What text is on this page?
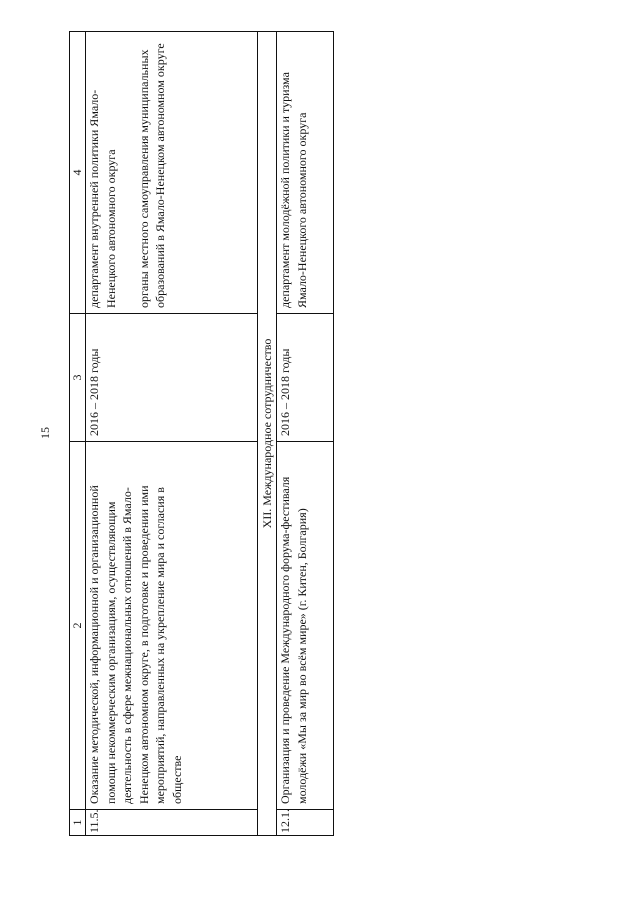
15
1	2	3	4
11.5.	Оказание методической, информационной и организационной помощи некоммерческим организациям, осуществляющим деятельность в сфере межнациональных отношений в Ямало-Ненецком автономном округе, в подготовке и проведении ими мероприятий, направленных на укрепление мира и согласия в обществе	2016 – 2018 годы	департамент внутренней политики Ямало-Ненецкого автономного округа органы местного самоуправления муниципальных образований в Ямало-Ненецком автономном округе
XII. Международное сотрудничество			
12.1.	Организация и проведение Международного форума-фестиваля молодёжи «Мы за мир во всём мире» (г. Китен, Болгария)	2016 – 2018 годы	департамент молодёжной политики и туризма Ямало-Ненецкого автономного округа
